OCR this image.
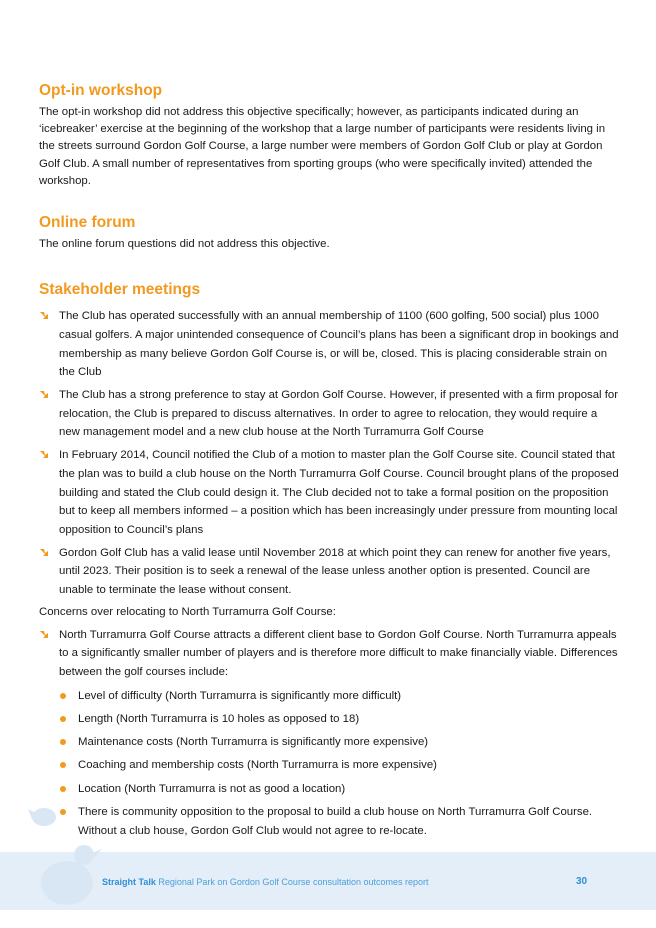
Opt-in workshop

The opt-in workshop did not address this objective specifically; however, as participants indicated during an ‘icebreaker’ exercise at the beginning of the workshop that a large number of participants were residents living in the streets surround Gordon Golf Course, a large number were members of Gordon Golf Club or play at Gordon Golf Club. A small number of representatives from sporting groups (who were specifically invited) attended the workshop.

Online forum

The online forum questions did not address this objective.

Stakeholder meetings
The Club has operated successfully with an annual membership of 1100 (600 golfing, 500 social) plus 1000 casual golfers. A major unintended consequence of Council’s plans has been a significant drop in bookings and membership as many believe Gordon Golf Course is, or will be, closed. This is placing considerable strain on the Club
The Club has a strong preference to stay at Gordon Golf Course. However, if presented with a firm proposal for relocation, the Club is prepared to discuss alternatives. In order to agree to relocation, they would require a new management model and a new club house at the North Turramurra Golf Course
In February 2014, Council notified the Club of a motion to master plan the Golf Course site. Council stated that the plan was to build a club house on the North Turramurra Golf Course. Council brought plans of the proposed building and stated the Club could design it. The Club decided not to take a formal position on the proposition but to keep all members informed – a position which has been increasingly under pressure from mounting local opposition to Council’s plans
Gordon Golf Club has a valid lease until November 2018 at which point they can renew for another five years, until 2023. Their position is to seek a renewal of the lease unless another option is presented. Council are unable to terminate the lease without consent.

Concerns over relocating to North Turramurra Golf Course:

North Turramurra Golf Course attracts a different client base to Gordon Golf Course. North Turramurra appeals to a significantly smaller number of players and is therefore more difficult to make financially viable. Differences between the golf courses include:
Level of difficulty (North Turramurra is significantly more difficult)
Length (North Turramurra is 10 holes as opposed to 18)
Maintenance costs (North Turramurra is significantly more expensive)
Coaching and membership costs (North Turramurra is more expensive)
Location (North Turramurra is not as good a location)
There is community opposition to the proposal to build a club house on North Turramurra Golf Course. Without a club house, Gordon Golf Club would not agree to re-locate.
Straight Talk Regional Park on Gordon Golf Course consultation outcomes report	30
